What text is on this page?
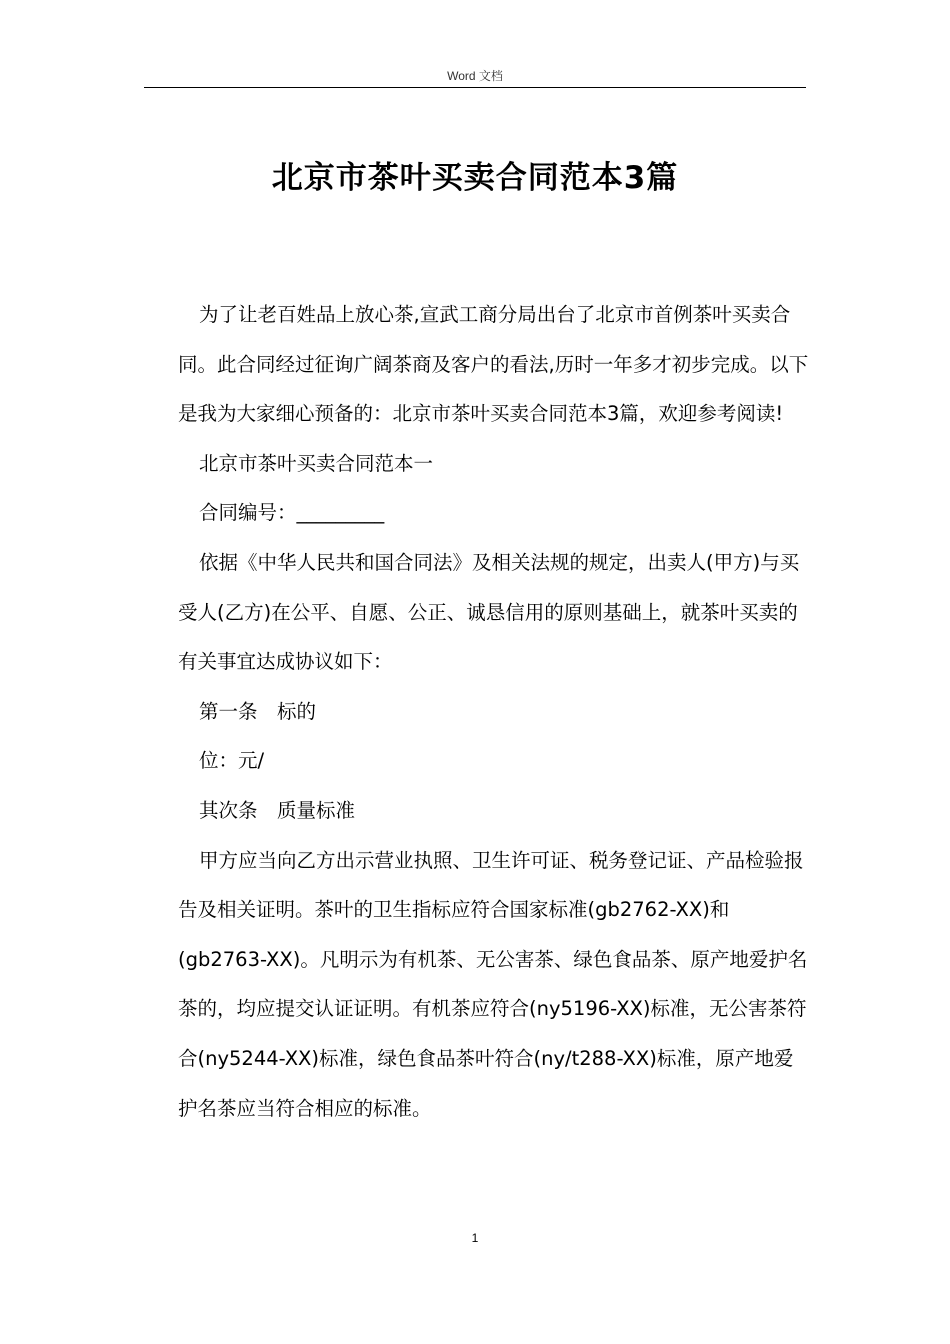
Word 文档
北京市茶叶买卖合同范本3篇

为了让老百姓品上放心茶,宣武工商分局出台了北京市首例茶叶买卖合同。此合同经过征询广阔茶商及客户的看法,历时一年多才初步完成。以下是我为大家细心预备的：北京市茶叶买卖合同范本3篇，欢迎参考阅读!

北京市茶叶买卖合同范本一

合同编号：_________

依据《中华人民共和国合同法》及相关法规的规定，出卖人(甲方)与买受人(乙方)在公平、自愿、公正、诚恳信用的原则基础上，就茶叶买卖的有关事宜达成协议如下：

第一条　标的

位：元/

其次条　质量标准

甲方应当向乙方出示营业执照、卫生许可证、税务登记证、产品检验报告及相关证明。茶叶的卫生指标应符合国家标准(gb2762-XX)和(gb2763-XX)。凡明示为有机茶、无公害茶、绿色食品茶、原产地爱护名茶的，均应提交认证证明。有机茶应符合(ny5196-XX)标准，无公害茶符合(ny5244-XX)标准，绿色食品茶叶符合(ny/t288-XX)标准，原产地爱护名茶应当符合相应的标准。

1
